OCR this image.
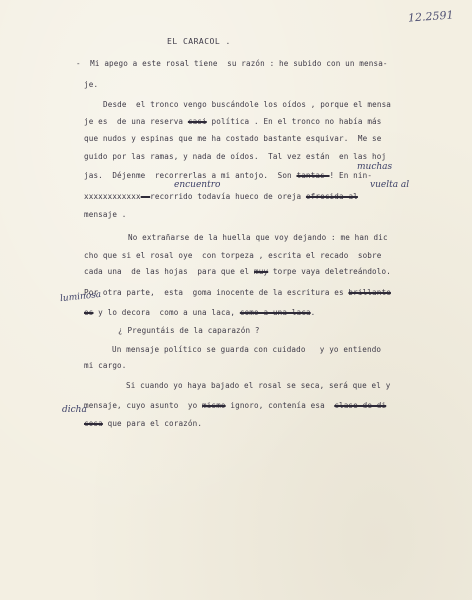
12.2591
EL CARACOL .
-  Mi apego a este rosal tiene  su razón : he subido con un mensa-
je.
Desde  el tronco vengo buscándole los oídos , porque el mensa
je es  de una reserva casi política . En el tronco no había más
que nudos y espinas que me ha costado bastante esquivar.  Me se
guido por las ramas, y nada de oídos.  Tal vez están  en las hoj
jas.  Déjenme  recorrerlas a mi antojo.  Son tantas ! En nin-
xxxxxxxxxxxx recorrido todavía hueco de oreja ofrecida al
mensaje .
muchas
encuentro	vuelta al
No extrañarse de la huella que voy dejando : me han dic
cho que si el rosal oye  con torpeza , escrita el recado  sobre
cada una  de las hojas  para que el muy torpe vaya deletreándolo.
Por otra parte,  esta  goma inocente de la escritura es brillante
es y lo decora  como a una laca, como a una laca.
luminosa
¿ Preguntáis de la caparazón ?
Un mensaje político se guarda con cuidado   y yo entiendo
mi cargo.
Si cuando yo haya bajado el rosal se seca, será que el y
mensaje, cuyo asunto  yo mismo ignoro, contenía esa  clase de di
cosa que para el corazón.
dicha
